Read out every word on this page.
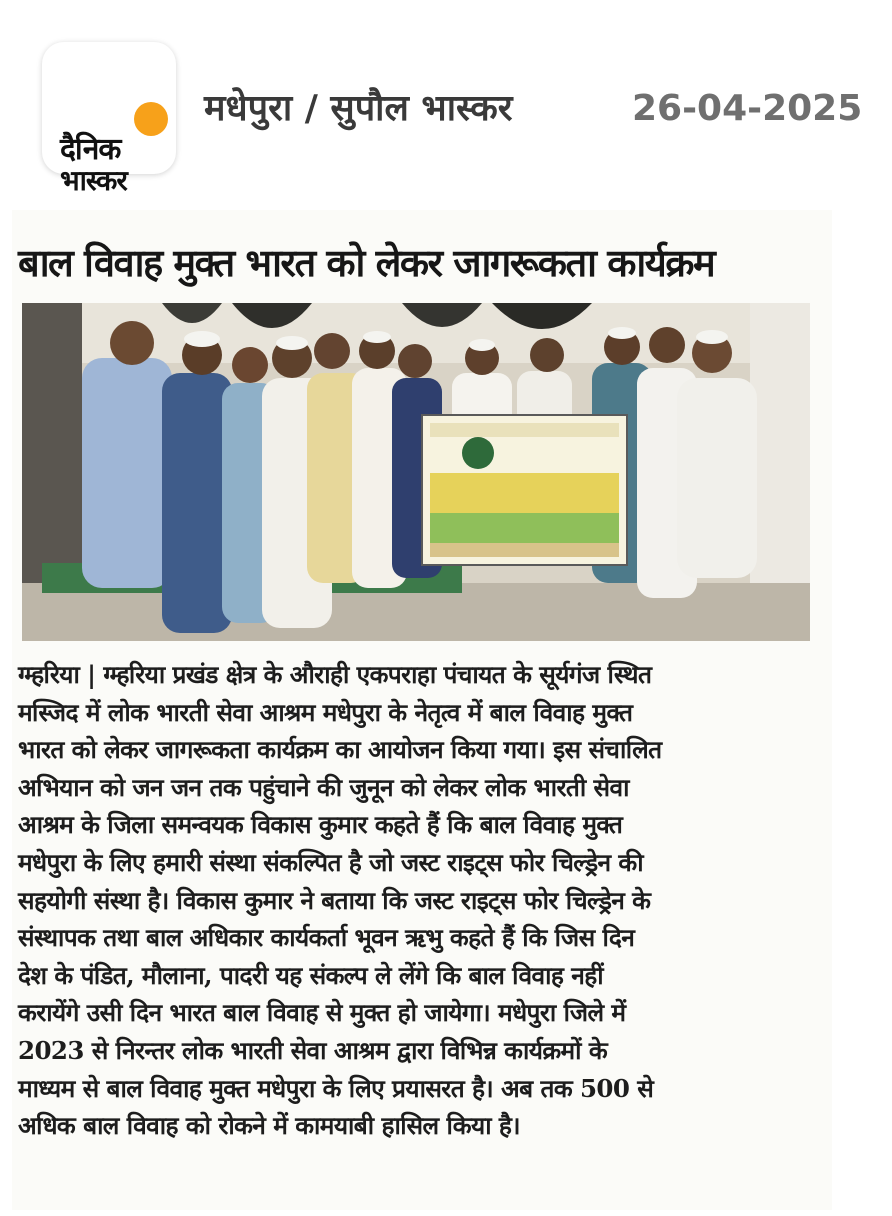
दैनिक
भास्कर
मधेपुरा / सुपौल भास्कर	26-04-2025
बाल विवाह मुक्त भारत को लेकर जागरूकता कार्यक्रम
ग्म्हरिया | ग्म्हरिया प्रखंड क्षेत्र के औराही एकपराहा पंचायत के सूर्यगंज स्थित
मस्जिद में लोक भारती सेवा आश्रम मधेपुरा के नेतृत्व में बाल विवाह मुक्त
भारत को लेकर जागरूकता कार्यक्रम का आयोजन किया गया। इस संचालित
अभियान को जन जन तक पहुंचाने की जुनून को लेकर लोक भारती सेवा
आश्रम के जिला समन्वयक विकास कुमार कहते हैं कि बाल विवाह मुक्त
मधेपुरा के लिए हमारी संस्था संकल्पित है जो जस्ट राइट्स फोर चिल्ड्रेन की
सहयोगी संस्था है। विकास कुमार ने बताया कि जस्ट राइट्स फोर चिल्ड्रेन के
संस्थापक तथा बाल अधिकार कार्यकर्ता भूवन ऋभु कहते हैं कि जिस दिन
देश के पंडित, मौलाना, पादरी यह संकल्प ले लेंगे कि बाल विवाह नहीं
करायेंगे उसी दिन भारत बाल विवाह से मुक्त हो जायेगा। मधेपुरा जिले में
2023 से निरन्तर लोक भारती सेवा आश्रम द्वारा विभिन्न कार्यक्रमों के
माध्यम से बाल विवाह मुक्त मधेपुरा के लिए प्रयासरत है। अब तक 500 से
अधिक बाल विवाह को रोकने में कामयाबी हासिल किया है।
